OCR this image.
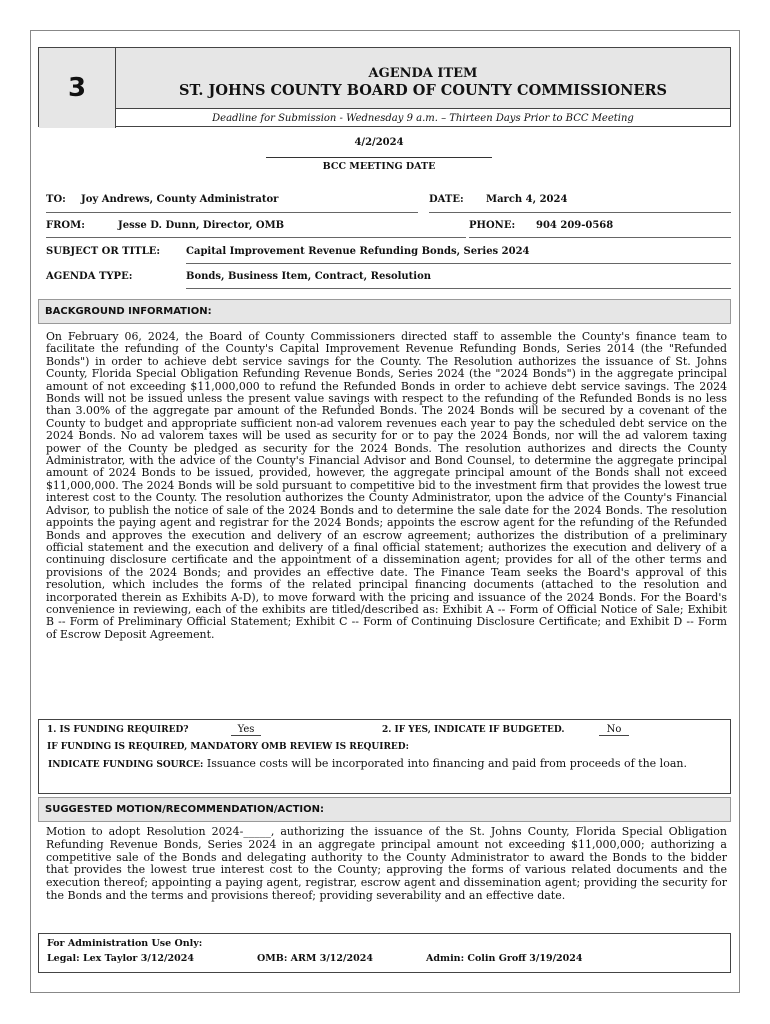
3	AGENDA ITEM
ST. JOHNS COUNTY BOARD OF COUNTY COMMISSIONERS
Deadline for Submission - Wednesday 9 a.m. – Thirteen Days Prior to BCC Meeting
4/2/2024
BCC MEETING DATE
TO: Joy Andrews, County Administrator	DATE: March 4, 2024
FROM:	Jesse D. Dunn, Director, OMB	PHONE: 904 209-0568
SUBJECT OR TITLE:	Capital Improvement Revenue Refunding Bonds, Series 2024
AGENDA TYPE:	Bonds, Business Item, Contract, Resolution
BACKGROUND INFORMATION:
On February 06, 2024, the Board of County Commissioners directed staff to assemble the County's finance team to facilitate the refunding of the County's Capital Improvement Revenue Refunding Bonds, Series 2014 (the "Refunded Bonds") in order to achieve debt service savings for the County. The Resolution authorizes the issuance of St. Johns County, Florida Special Obligation Refunding Revenue Bonds, Series 2024 (the "2024 Bonds") in the aggregate principal amount of not exceeding $11,000,000 to refund the Refunded Bonds in order to achieve debt service savings. The 2024 Bonds will not be issued unless the present value savings with respect to the refunding of the Refunded Bonds is no less than 3.00% of the aggregate par amount of the Refunded Bonds. The 2024 Bonds will be secured by a covenant of the County to budget and appropriate sufficient non-ad valorem revenues each year to pay the scheduled debt service on the 2024 Bonds. No ad valorem taxes will be used as security for or to pay the 2024 Bonds, nor will the ad valorem taxing power of the County be pledged as security for the 2024 Bonds. The resolution authorizes and directs the County Administrator, with the advice of the County's Financial Advisor and Bond Counsel, to determine the aggregate principal amount of 2024 Bonds to be issued, provided, however, the aggregate principal amount of the Bonds shall not exceed $11,000,000. The 2024 Bonds will be sold pursuant to competitive bid to the investment firm that provides the lowest true interest cost to the County. The resolution authorizes the County Administrator, upon the advice of the County's Financial Advisor, to publish the notice of sale of the 2024 Bonds and to determine the sale date for the 2024 Bonds. The resolution appoints the paying agent and registrar for the 2024 Bonds; appoints the escrow agent for the refunding of the Refunded Bonds and approves the execution and delivery of an escrow agreement; authorizes the distribution of a preliminary official statement and the execution and delivery of a final official statement; authorizes the execution and delivery of a continuing disclosure certificate and the appointment of a dissemination agent; provides for all of the other terms and provisions of the 2024 Bonds; and provides an effective date. The Finance Team seeks the Board's approval of this resolution, which includes the forms of the related principal financing documents (attached to the resolution and incorporated therein as Exhibits A-D), to move forward with the pricing and issuance of the 2024 Bonds. For the Board's convenience in reviewing, each of the exhibits are titled/described as: Exhibit A -- Form of Official Notice of Sale; Exhibit B -- Form of Preliminary Official Statement; Exhibit C -- Form of Continuing Disclosure Certificate; and Exhibit D -- Form of Escrow Deposit Agreement.
1. IS FUNDING REQUIRED?	Yes	2. IF YES, INDICATE IF BUDGETED.	No
IF FUNDING IS REQUIRED, MANDATORY OMB REVIEW IS REQUIRED:
INDICATE FUNDING SOURCE: Issuance costs will be incorporated into financing and paid from proceeds of the loan.
SUGGESTED MOTION/RECOMMENDATION/ACTION:
Motion to adopt Resolution 2024-_____, authorizing the issuance of the St. Johns County, Florida Special Obligation Refunding Revenue Bonds, Series 2024 in an aggregate principal amount not exceeding $11,000,000; authorizing a competitive sale of the Bonds and delegating authority to the County Administrator to award the Bonds to the bidder that provides the lowest true interest cost to the County; approving the forms of various related documents and the execution thereof; appointing a paying agent, registrar, escrow agent and dissemination agent; providing the security for the Bonds and the terms and provisions thereof; providing severability and an effective date.
For Administration Use Only:
Legal: Lex Taylor 3/12/2024	OMB: ARM 3/12/2024	Admin: Colin Groff 3/19/2024
